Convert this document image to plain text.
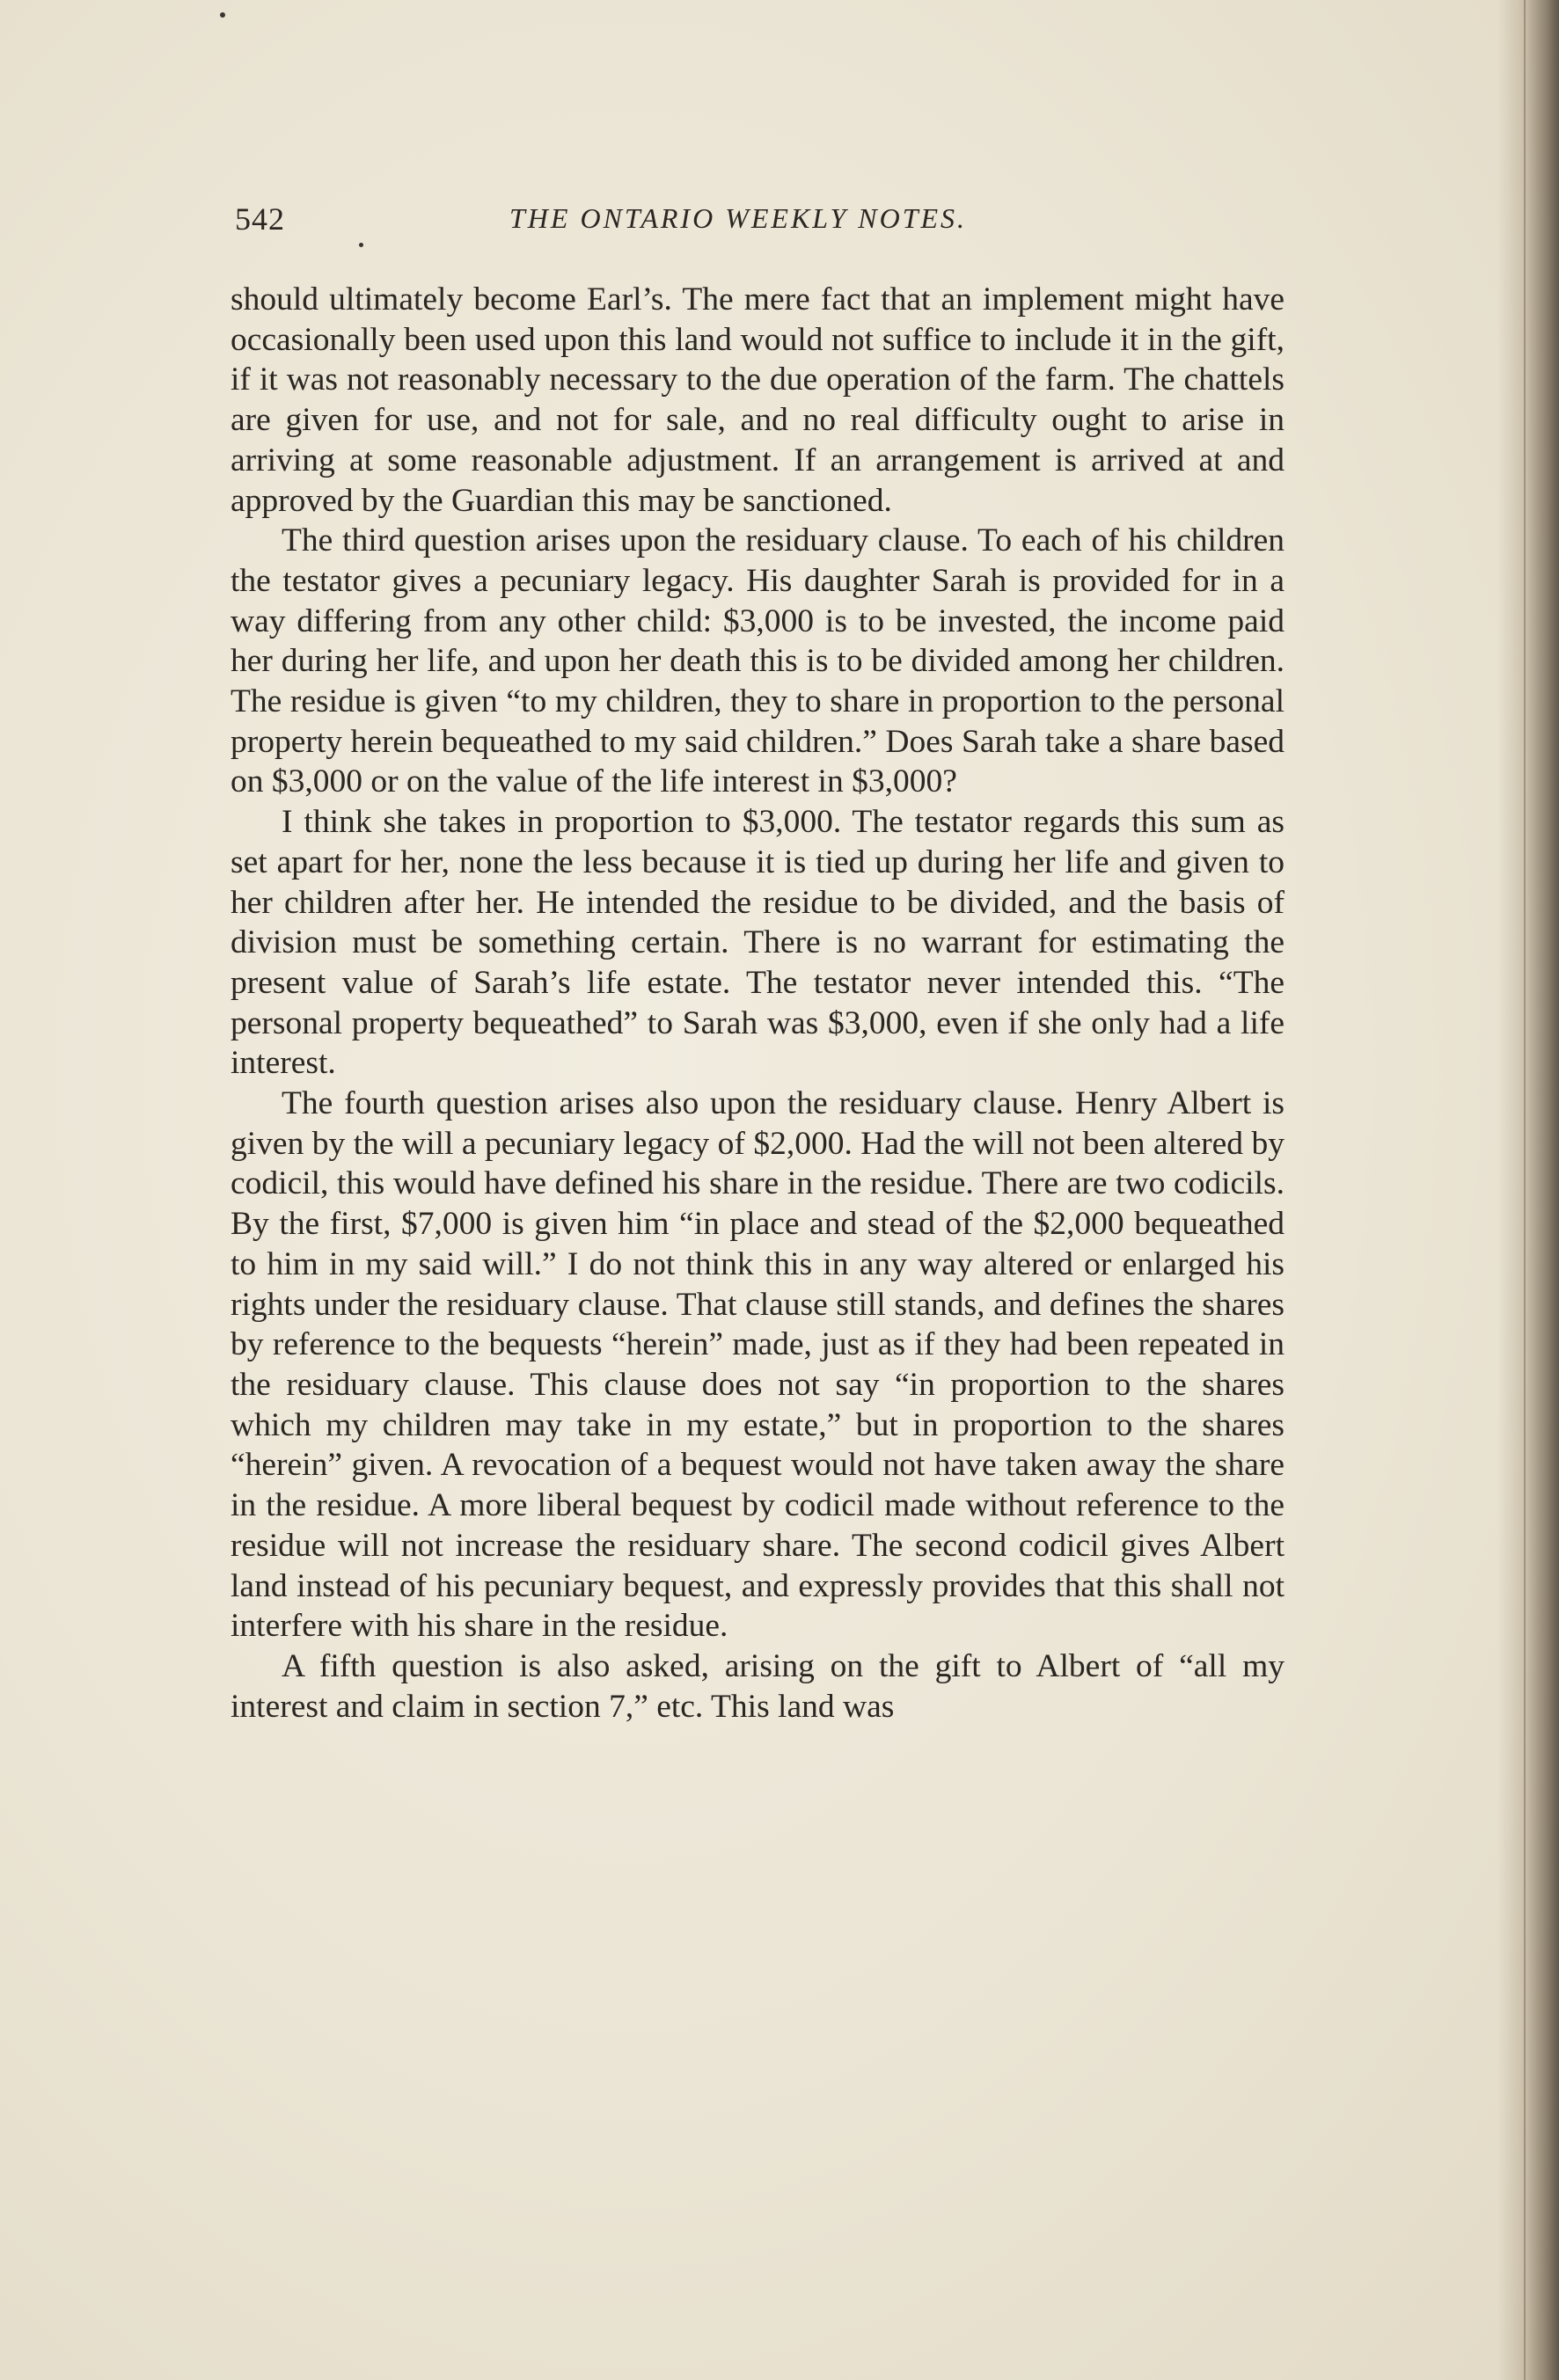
542	THE ONTARIO WEEKLY NOTES.

should ultimately become Earl’s. The mere fact that an implement might have occasionally been used upon this land would not suffice to include it in the gift, if it was not reasonably necessary to the due operation of the farm. The chattels are given for use, and not for sale, and no real difficulty ought to arise in arriving at some reasonable adjustment. If an arrangement is arrived at and approved by the Guardian this may be sanctioned.

The third question arises upon the residuary clause. To each of his children the testator gives a pecuniary legacy. His daughter Sarah is provided for in a way differing from any other child: $3,000 is to be invested, the income paid her during her life, and upon her death this is to be divided among her children. The residue is given “to my children, they to share in proportion to the personal property herein bequeathed to my said children.” Does Sarah take a share based on $3,000 or on the value of the life interest in $3,000?

I think she takes in proportion to $3,000. The testator regards this sum as set apart for her, none the less because it is tied up during her life and given to her children after her. He intended the residue to be divided, and the basis of division must be something certain. There is no warrant for estimating the present value of Sarah’s life estate. The testator never intended this. “The personal property bequeathed” to Sarah was $3,000, even if she only had a life interest.

The fourth question arises also upon the residuary clause. Henry Albert is given by the will a pecuniary legacy of $2,000. Had the will not been altered by codicil, this would have defined his share in the residue. There are two codicils. By the first, $7,000 is given him “in place and stead of the $2,000 bequeathed to him in my said will.” I do not think this in any way altered or enlarged his rights under the residuary clause. That clause still stands, and defines the shares by reference to the bequests “herein” made, just as if they had been repeated in the residuary clause. This clause does not say “in proportion to the shares which my children may take in my estate,” but in proportion to the shares “herein” given. A revocation of a bequest would not have taken away the share in the residue. A more liberal bequest by codicil made without reference to the residue will not increase the residuary share. The second codicil gives Albert land instead of his pecuniary bequest, and expressly provides that this shall not interfere with his share in the residue.

A fifth question is also asked, arising on the gift to Albert of “all my interest and claim in section 7,” etc. This land was
